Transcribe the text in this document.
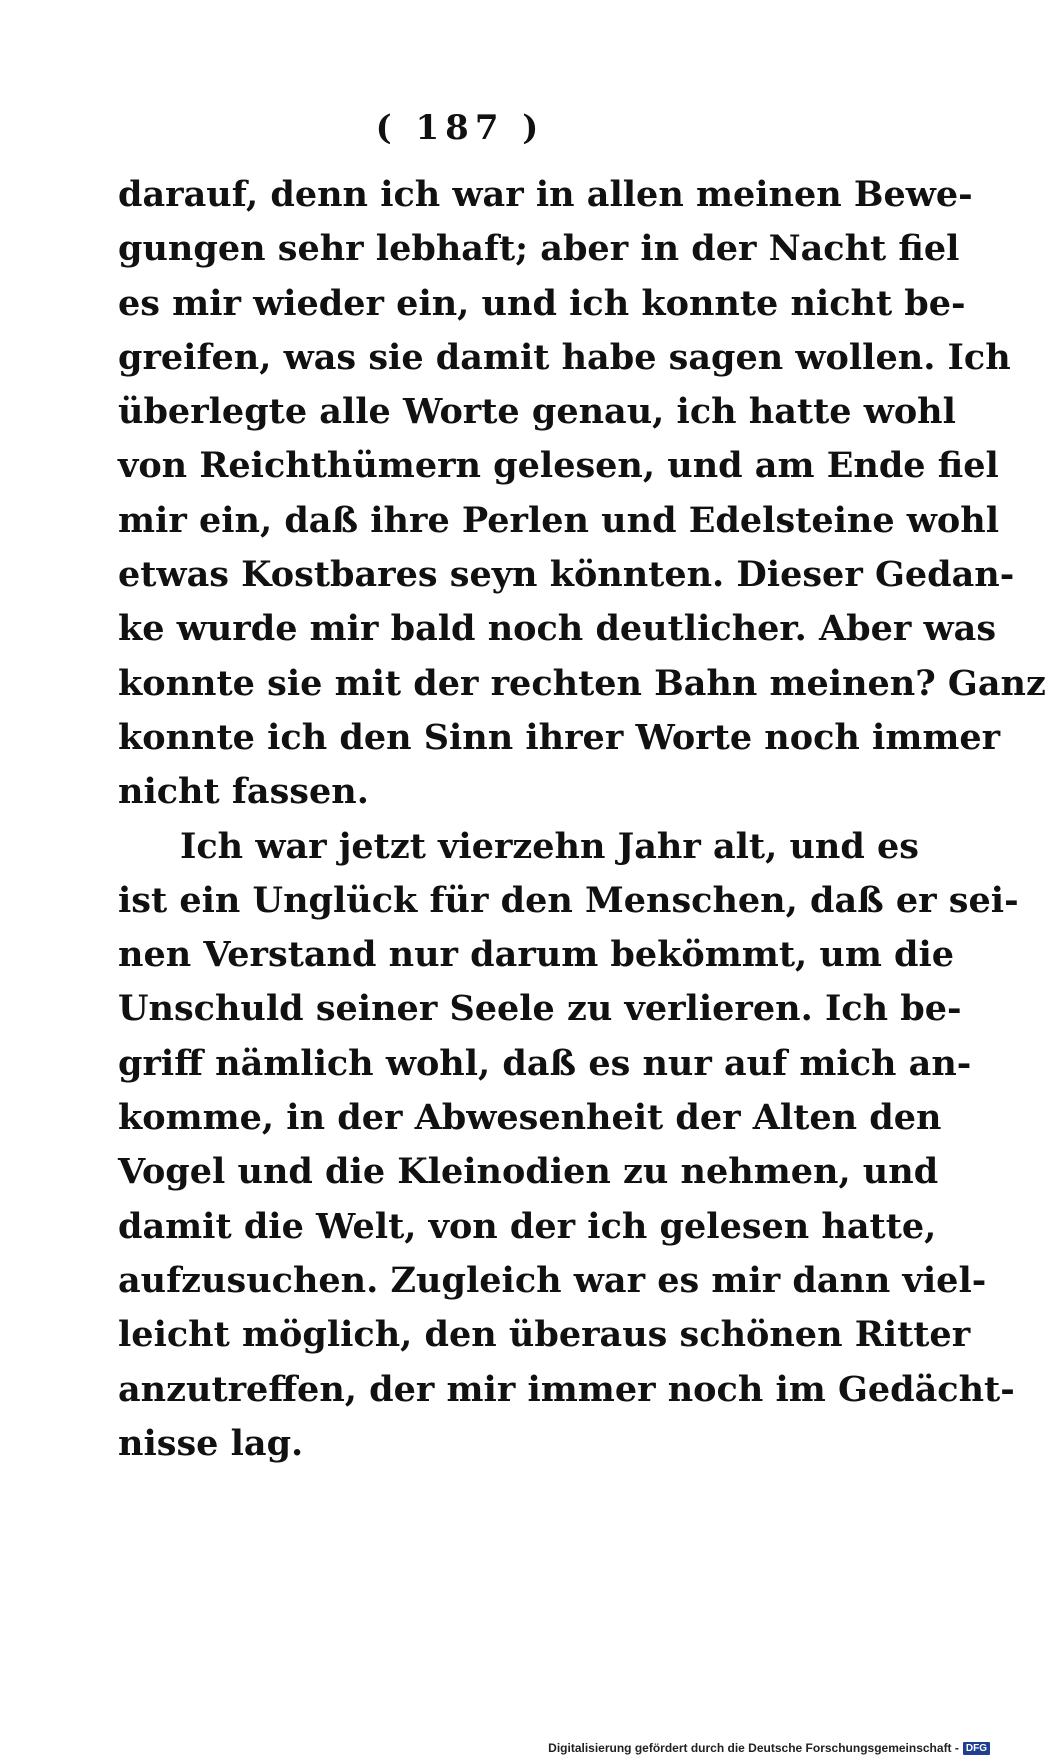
( 187 )
darauf, denn ich war in allen meinen Bewe-
gungen sehr lebhaft; aber in der Nacht fiel
es mir wieder ein, und ich konnte nicht be-
greifen, was sie damit habe sagen wollen. Ich
überlegte alle Worte genau, ich hatte wohl
von Reichthümern gelesen, und am Ende fiel
mir ein, daß ihre Perlen und Edelsteine wohl
etwas Kostbares seyn könnten. Dieser Gedan-
ke wurde mir bald noch deutlicher. Aber was
konnte sie mit der rechten Bahn meinen? Ganz
konnte ich den Sinn ihrer Worte noch immer
nicht fassen.
Ich war jetzt vierzehn Jahr alt, und es
ist ein Unglück für den Menschen, daß er sei-
nen Verstand nur darum bekömmt, um die
Unschuld seiner Seele zu verlieren. Ich be-
griff nämlich wohl, daß es nur auf mich an-
komme, in der Abwesenheit der Alten den
Vogel und die Kleinodien zu nehmen, und
damit die Welt, von der ich gelesen hatte,
aufzusuchen. Zugleich war es mir dann viel-
leicht möglich, den überaus schönen Ritter
anzutreffen, der mir immer noch im Gedächt-
nisse lag.
Digitalisierung gefördert durch die Deutsche Forschungsgemeinschaft - DFG
